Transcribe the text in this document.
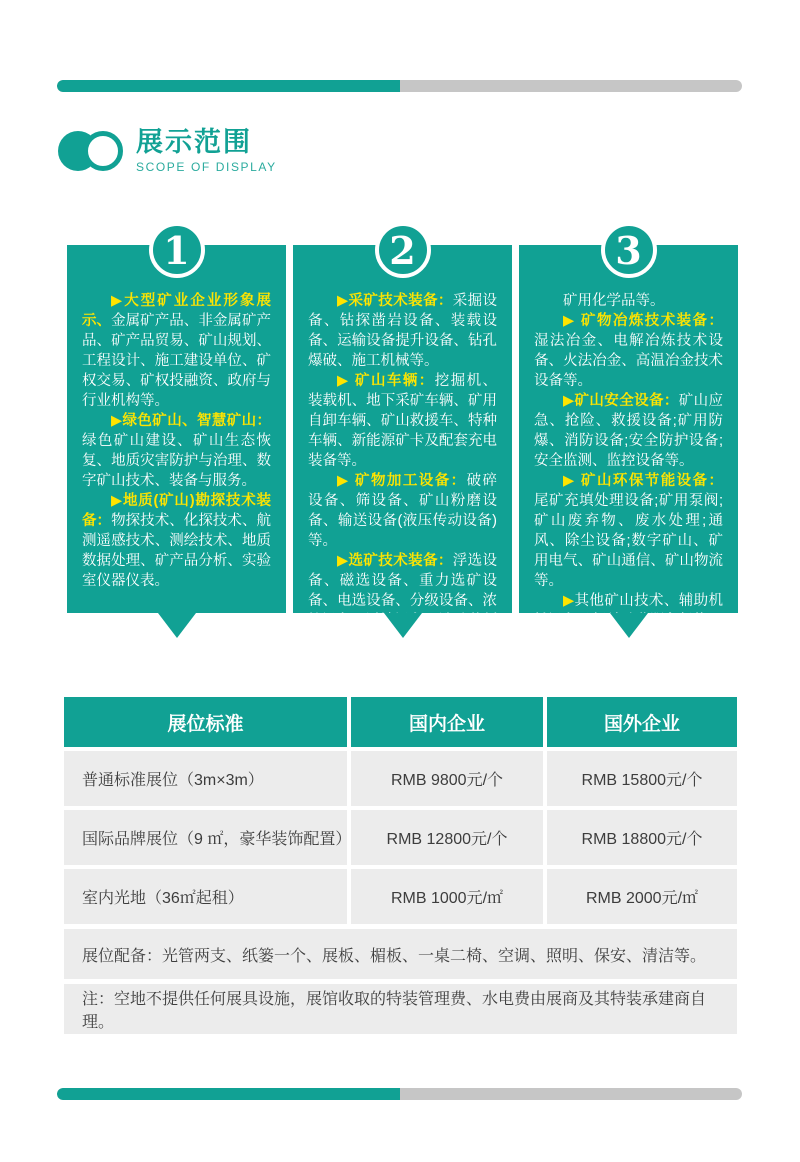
展示范围
SCOPE OF DISPLAY
1

▶大型矿业企业形象展示、金属矿产品、非金属矿产品、矿产品贸易、矿山规划、工程设计、施工建设单位、矿权交易、矿权投融资、政府与行业机构等。

▶绿色矿山、智慧矿山：绿色矿山建设、矿山生态恢复、地质灾害防护与治理、数字矿山技术、装备与服务。

▶地质(矿山)勘探技术装备：物探技术、化探技术、航测遥感技术、测绘技术、地质数据处理、矿产品分析、实验室仪器仪表。

2

▶采矿技术装备：采掘设备、钻探凿岩设备、装载设备、运输设备提升设备、钻孔爆破、施工机械等。

▶ 矿山车辆：挖掘机、装载机、地下采矿车辆、矿用自卸车辆、矿山救援车、特种车辆、新能源矿卡及配套充电装备等。

▶ 矿物加工设备：破碎设备、筛设备、矿山粉磨设备、输送设备(液压传动设备)等。

▶选矿技术装备：浮选设备、磁选设备、重力选矿设备、电选设备、分级设备、浓缩设备、过滤设备、选矿药剂及其它

3

矿用化学品等。

▶ 矿物冶炼技术装备：湿法冶金、电解冶炼技术设备、火法冶金、高温冶金技术设备等。

▶矿山安全设备：矿山应急、抢险、救援设备;矿用防爆、消防设备;安全防护设备;安全监测、监控设备等。

▶ 矿山环保节能设备：尾矿充填处理设备;矿用泵阀;矿山废弃物、废水处理;通风、除尘设备;数字矿山、矿用电气、矿山通信、矿山物流等。

▶其他矿山技术、辅助机械设备及相关矿业服务机构。

展位标准	国内企业	国外企业
普通标准展位（3m×3m）	RMB 9800元/个	RMB 15800元/个
国际品牌展位（9 ㎡，豪华装饰配置）	RMB 12800元/个	RMB 18800元/个
室内光地（36㎡起租）	RMB 1000元/㎡	RMB 2000元/㎡
展位配备：光管两支、纸篓一个、展板、楣板、一桌二椅、空调、照明、保安、清洁等。
注：空地不提供任何展具设施，展馆收取的特装管理费、水电费由展商及其特装承建商自理。
